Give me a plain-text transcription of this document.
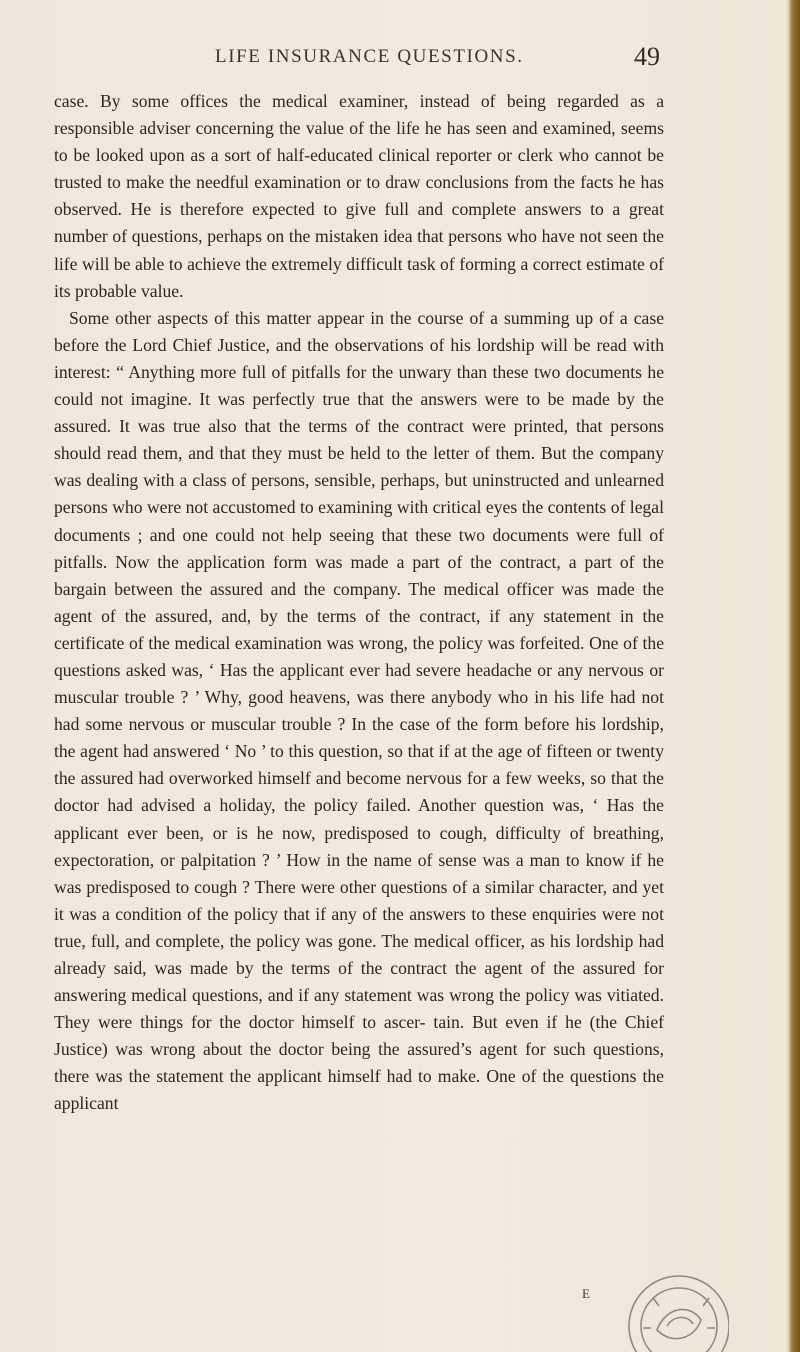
LIFE INSURANCE QUESTIONS.	49

case. By some offices the medical examiner, instead of being regarded as a responsible adviser concerning the value of the life he has seen and examined, seems to be looked upon as a sort of half-educated clinical reporter or clerk who cannot be trusted to make the needful examination or to draw conclusions from the facts he has observed. He is therefore expected to give full and complete answers to a great number of questions, perhaps on the mistaken idea that persons who have not seen the life will be able to achieve the extremely difficult task of forming a correct estimate of its probable value.

Some other aspects of this matter appear in the course of a summing up of a case before the Lord Chief Justice, and the observations of his lordship will be read with interest: “ Anything more full of pitfalls for the unwary than these two documents he could not imagine. It was perfectly true that the answers were to be made by the assured. It was true also that the terms of the contract were printed, that persons should read them, and that they must be held to the letter of them. But the company was dealing with a class of persons, sensible, perhaps, but uninstructed and unlearned persons who were not accustomed to examining with critical eyes the contents of legal documents ; and one could not help seeing that these two documents were full of pitfalls. Now the application form was made a part of the contract, a part of the bargain between the assured and the company. The medical officer was made the agent of the assured, and, by the terms of the contract, if any statement in the certificate of the medical examination was wrong, the policy was forfeited. One of the questions asked was, ‘ Has the applicant ever had severe headache or any nervous or muscular trouble ? ’ Why, good heavens, was there anybody who in his life had not had some nervous or muscular trouble ? In the case of the form before his lordship, the agent had answered ‘ No ’ to this question, so that if at the age of fifteen or twenty the assured had overworked himself and become nervous for a few weeks, so that the doctor had advised a holiday, the policy failed. Another question was, ‘ Has the applicant ever been, or is he now, predisposed to cough, difficulty of breathing, expectoration, or palpitation ? ’ How in the name of sense was a man to know if he was predisposed to cough ? There were other questions of a similar character, and yet it was a condition of the policy that if any of the answers to these enquiries were not true, full, and complete, the policy was gone. The medical officer, as his lordship had already said, was made by the terms of the contract the agent of the assured for answering medical questions, and if any statement was wrong the policy was vitiated. They were things for the doctor himself to ascer- tain. But even if he (the Chief Justice) was wrong about the doctor being the assured’s agent for such questions, there was the statement the applicant himself had to make. One of the questions the applicant

E
